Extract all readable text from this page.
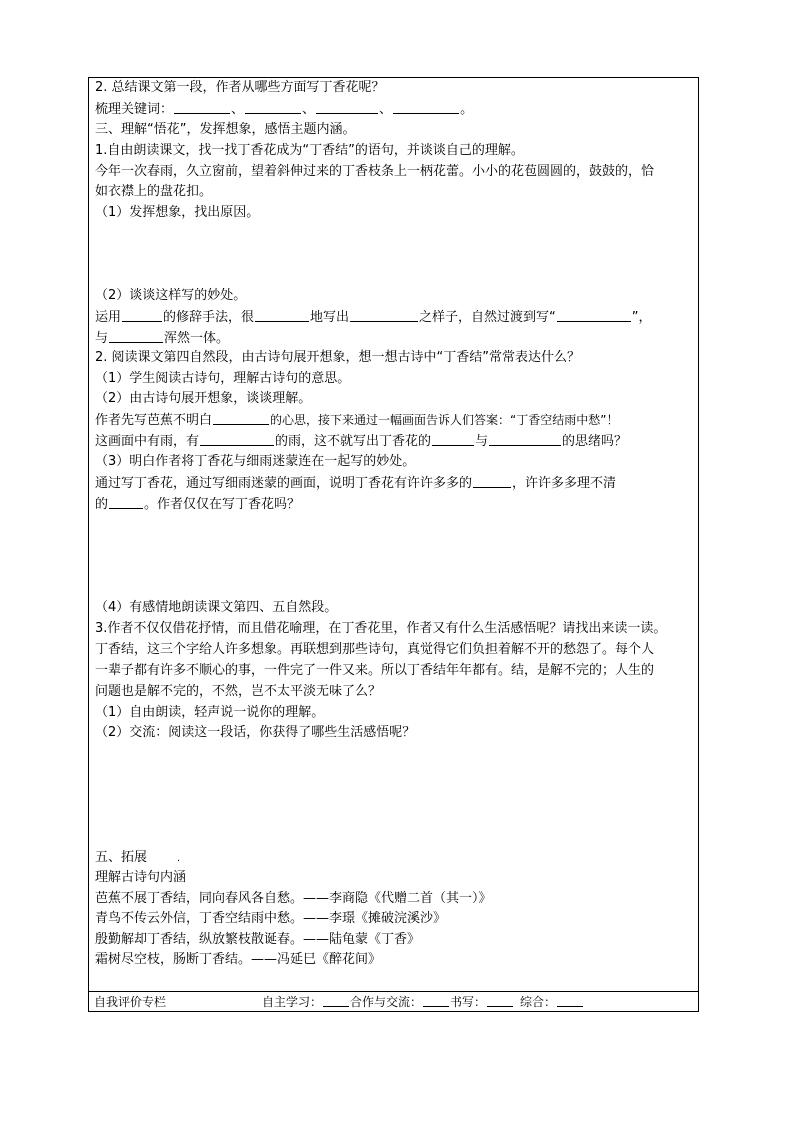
2. 总结课文第一段，作者从哪些方面写丁香花呢？
梳理关键词：	、	、	、	。
三、理解“悟花”，发挥想象，感悟主题内涵。
1.自由朗读课文，找一找丁香花成为“丁香结”的语句，并谈谈自己的理解。
今年一次春雨，久立窗前，望着斜伸过来的丁香枝条上一柄花蕾。小小的花苞圆圆的，鼓鼓的，恰
如衣襟上的盘花扣。
（1）发挥想象，找出原因。
（2）谈谈这样写的妙处。
运用	的修辞手法，很	地写出	之样子，自然过渡到写“	”，
与	浑然一体。
2. 阅读课文第四自然段，由古诗句展开想象，想一想古诗中“丁香结”常常表达什么？
（1）学生阅读古诗句，理解古诗句的意思。
（2）由古诗句展开想象，谈谈理解。
作者先写芭蕉不明白	的心思，接下来通过一幅画面告诉人们答案：“丁香空结雨中愁”！
这画面中有雨，有	的雨，这不就写出丁香花的	与	的思绪吗？
（3）明白作者将丁香花与细雨迷蒙连在一起写的妙处。
通过写丁香花，通过写细雨迷蒙的画面，说明丁香花有许许多多的	，许许多多理不清
的	。作者仅仅在写丁香花吗？
（4）有感情地朗读课文第四、五自然段。
3.作者不仅仅借花抒情，而且借花喻理，在丁香花里，作者又有什么生活感悟呢？请找出来读一读。
丁香结，这三个字给人许多想象。再联想到那些诗句，真觉得它们负担着解不开的愁怨了。每个人
一辈子都有许多不顺心的事，一件完了一件又来。所以丁香结年年都有。结，是解不完的；人生的
问题也是解不完的，不然，岂不太平淡无味了么？
（1）自由朗读，轻声说一说你的理解。
（2）交流：阅读这一段话，你获得了哪些生活感悟呢？
五、拓展	.
理解古诗句内涵
芭蕉不展丁香结，同向春风各自愁。——李商隐《代赠二首（其一）》
青鸟不传云外信，丁香空结雨中愁。——李璟《摊破浣溪沙》
殷勤解却丁香结，纵放繁枝散诞春。——陆龟蒙《丁香》
霜树尽空枝，肠断丁香结。——冯延巳《醉花间》
自我评价专栏	自主学习： 合作与交流： 书写：	综合：
